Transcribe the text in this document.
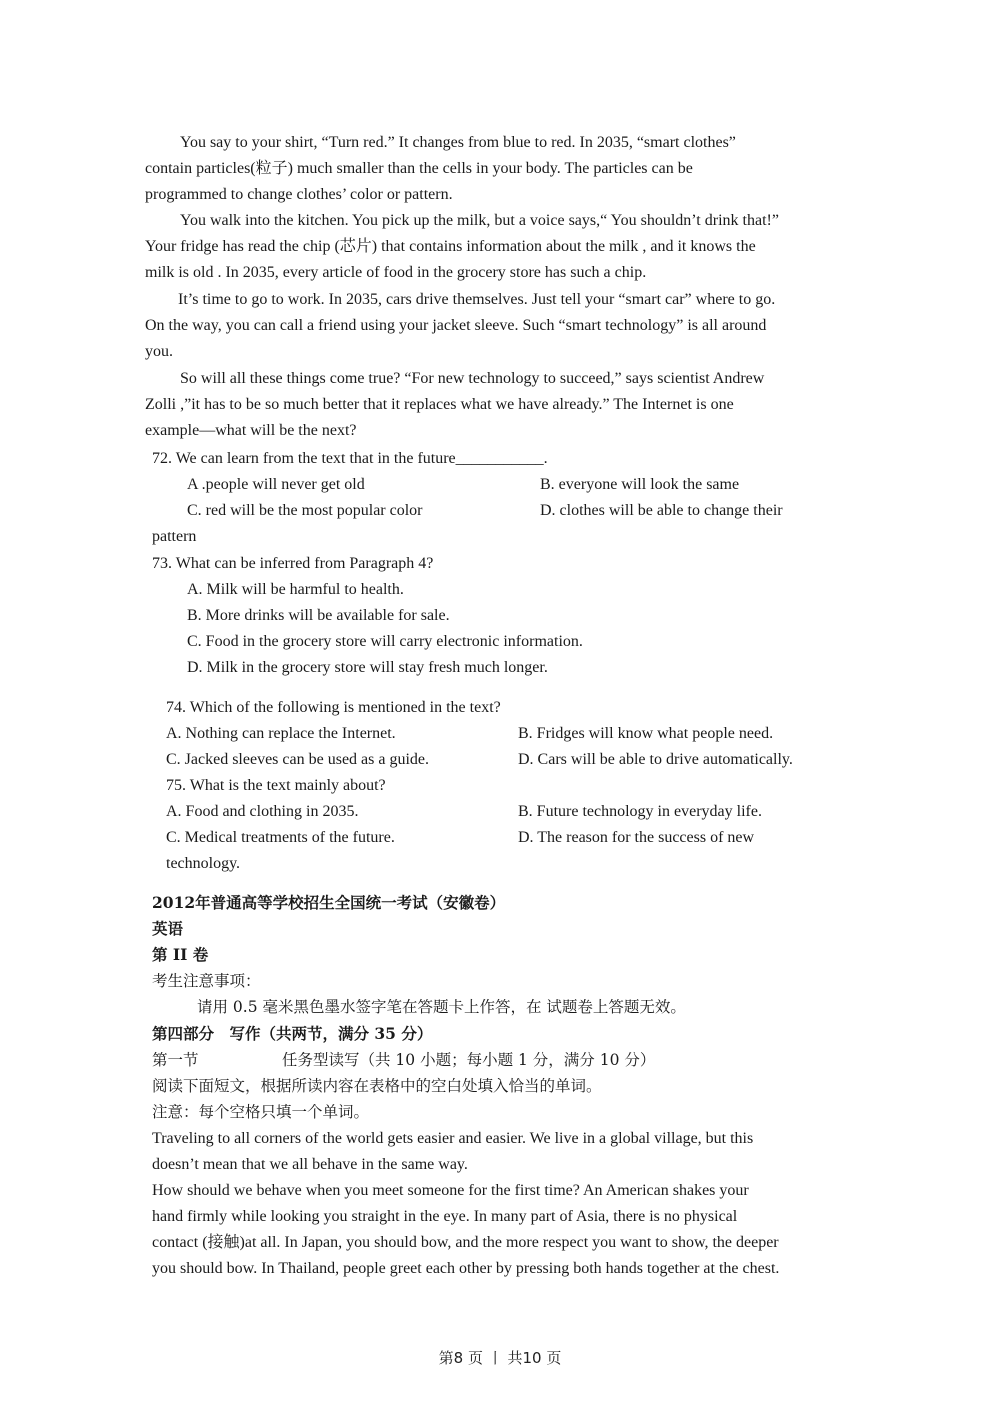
You say to your shirt, “Turn red.” It changes from blue to red. In 2035, “smart clothes”
contain particles(粒子) much smaller than the cells in your body. The particles can be
programmed to change clothes’ color or pattern.
You walk into the kitchen. You pick up the milk, but a voice says,“ You shouldn’t drink that!”
Your fridge has read the chip (芯片) that contains information about the milk , and it knows the
milk is old . In 2035, every article of food in the grocery store has such a chip.
It’s time to go to work. In 2035, cars drive themselves. Just tell your “smart car” where to go.
On the way, you can call a friend using your jacket sleeve. Such “smart technology” is all around
you.
So will all these things come true? “For new technology to succeed,” says scientist Andrew
Zolli ,”it has to be so much better that it replaces what we have already.” The Internet is one
example—what will be the next?
72. We can learn from the text that in the future___________.
A .people will never get old	B. everyone will look the same
C. red will be the most popular color	D. clothes will be able to change their
pattern
73. What can be inferred from Paragraph 4?
A. Milk will be harmful to health.
B. More drinks will be available for sale.
C. Food in the grocery store will carry electronic information.
D. Milk in the grocery store will stay fresh much longer.
74. Which of the following is mentioned in the text?
A. Nothing can replace the Internet.	B. Fridges will know what people need.
C. Jacked sleeves can be used as a guide.	D. Cars will be able to drive automatically.
75. What is the text mainly about?
A. Food and clothing in 2035.	B. Future technology in everyday life.
C. Medical treatments of the future.	D. The reason for the success of new
technology.
2012年普通高等学校招生全国统一考试（安徽卷）
英语
第 II 卷
考生注意事项：
请用 0.5 毫米黑色墨水签字笔在答题卡上作答，在 试题卷上答题无效。
第四部分　写作（共两节，满分 35 分）
第一节	任务型读写（共 10 小题；每小题 1 分，满分 10 分）
阅读下面短文，根据所读内容在表格中的空白处填入恰当的单词。
注意：每个空格只填一个单词。
Traveling to all corners of the world gets easier and easier. We live in a global village, but this
doesn’t mean that we all behave in the same way.
How should we behave when you meet someone for the first time? An American shakes your
hand firmly while looking you straight in the eye. In many part of Asia, there is no physical
contact (接触)at all. In Japan, you should bow, and the more respect you want to show, the deeper
you should bow. In Thailand, people greet each other by pressing both hands together at the chest.
第8 页 丨 共10 页
